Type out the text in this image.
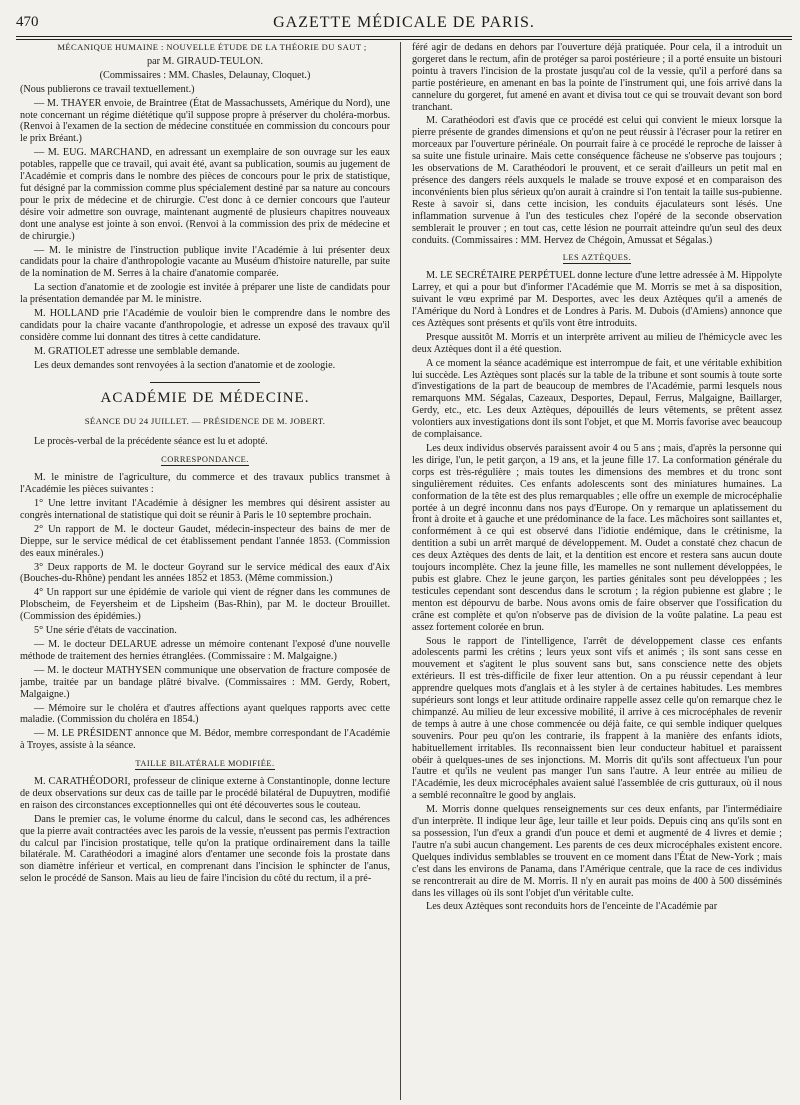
470	GAZETTE MÉDICALE DE PARIS.

MÉCANIQUE HUMAINE : NOUVELLE ÉTUDE DE LA THÉORIE DU SAUT ;

par M. GIRAUD-TEULON.

(Commissaires : MM. Chasles, Delaunay, Cloquet.)

(Nous publierons ce travail textuellement.)

— M. THAYER envoie, de Braintree (État de Massachussets, Amérique du Nord), une note concernant un régime diététique qu'il suppose propre à préserver du choléra-morbus. (Renvoi à l'examen de la section de médecine constituée en commission du concours pour le prix Bréant.)

— M. EUG. MARCHAND, en adressant un exemplaire de son ouvrage sur les eaux potables, rappelle que ce travail, qui avait été, avant sa publication, soumis au jugement de l'Académie et compris dans le nombre des pièces de concours pour le prix de statistique, fut désigné par la commission comme plus spécialement destiné par sa nature au concours pour le prix de médecine et de chirurgie. C'est donc à ce dernier concours que l'auteur désire voir admettre son ouvrage, maintenant augmenté de plusieurs chapitres nouveaux dont une analyse est jointe à son envoi. (Renvoi à la commission des prix de médecine et de chirurgie.)

— M. le ministre de l'instruction publique invite l'Académie à lui présenter deux candidats pour la chaire d'anthropologie vacante au Muséum d'histoire naturelle, par suite de la nomination de M. Serres à la chaire d'anatomie comparée.

La section d'anatomie et de zoologie est invitée à préparer une liste de candidats pour la présentation demandée par M. le ministre.

M. HOLLAND prie l'Académie de vouloir bien le comprendre dans le nombre des candidats pour la chaire vacante d'anthropologie, et adresse un exposé des travaux qu'il considère comme lui donnant des titres à cette candidature.

M. GRATIOLET adresse une semblable demande.

Les deux demandes sont renvoyées à la section d'anatomie et de zoologie.

ACADÉMIE DE MÉDECINE.
SÉANCE DU 24 JUILLET. — PRÉSIDENCE DE M. JOBERT.

Le procès-verbal de la précédente séance est lu et adopté.

CORRESPONDANCE.

M. le ministre de l'agriculture, du commerce et des travaux publics transmet à l'Académie les pièces suivantes :

1° Une lettre invitant l'Académie à désigner les membres qui désirent assister au congrès international de statistique qui doit se réunir à Paris le 10 septembre prochain.

2° Un rapport de M. le docteur Gaudet, médecin-inspecteur des bains de mer de Dieppe, sur le service médical de cet établissement pendant l'année 1853. (Commission des eaux minérales.)

3° Deux rapports de M. le docteur Goyrand sur le service médical des eaux d'Aix (Bouches-du-Rhône) pendant les années 1852 et 1853. (Même commission.)

4° Un rapport sur une épidémie de variole qui vient de régner dans les communes de Plobscheim, de Feyersheim et de Lipsheim (Bas-Rhin), par M. le docteur Brouillet. (Commission des épidémies.)

5° Une série d'états de vaccination.

— M. le docteur DELARUE adresse un mémoire contenant l'exposé d'une nouvelle méthode de traitement des hernies étranglées. (Commissaire : M. Malgaigne.)

— M. le docteur MATHYSEN communique une observation de fracture composée de jambe, traitée par un bandage plâtré bivalve. (Commissaires : MM. Gerdy, Robert, Malgaigne.)

— Mémoire sur le choléra et d'autres affections ayant quelques rapports avec cette maladie. (Commission du choléra en 1854.)

— M. LE PRÉSIDENT annonce que M. Bédor, membre correspondant de l'Académie à Troyes, assiste à la séance.

TAILLE BILATÉRALE MODIFIÉE.

M. CARATHÉODORI, professeur de clinique externe à Constantinople, donne lecture de deux observations sur deux cas de taille par le procédé bilatéral de Dupuytren, modifié en raison des circonstances exceptionnelles qui ont été découvertes sous le couteau.

Dans le premier cas, le volume énorme du calcul, dans le second cas, les adhérences que la pierre avait contractées avec les parois de la vessie, n'eussent pas permis l'extraction du calcul par l'incision prostatique, telle qu'on la pratique ordinairement dans la taille bilatérale. M. Carathéodori a imaginé alors d'entamer une seconde fois la prostate dans son diamètre inférieur et vertical, en comprenant dans l'incision le sphincter de l'anus, selon le procédé de Sanson. Mais au lieu de faire l'incision du côté du rectum, il a pré-

féré agir de dedans en dehors par l'ouverture déjà pratiquée. Pour cela, il a introduit un gorgeret dans le rectum, afin de protéger sa paroi postérieure ; il a porté ensuite un bistouri pointu à travers l'incision de la prostate jusqu'au col de la vessie, qu'il a perforé dans sa partie postérieure, en amenant en bas la pointe de l'instrument qui, une fois arrivé dans la cannelure du gorgeret, fut amené en avant et divisa tout ce qui se trouvait devant son bord tranchant.

M. Carathéodori est d'avis que ce procédé est celui qui convient le mieux lorsque la pierre présente de grandes dimensions et qu'on ne peut réussir à l'écraser pour la retirer en morceaux par l'ouverture périnéale. On pourrait faire à ce procédé le reproche de laisser à sa suite une fistule urinaire. Mais cette conséquence fâcheuse ne s'observe pas toujours ; les observations de M. Carathéodori le prouvent, et ce serait d'ailleurs un petit mal en présence des dangers réels auxquels le malade se trouve exposé et en comparaison des inconvénients bien plus sérieux qu'on aurait à craindre si l'on tentait la taille sus-pubienne. Reste à savoir si, dans cette incision, les conduits éjaculateurs sont lésés. Une inflammation survenue à l'un des testicules chez l'opéré de la seconde observation semblerait le prouver ; en tout cas, cette lésion ne pourrait atteindre qu'un seul des deux conduits. (Commissaires : MM. Hervez de Chégoin, Amussat et Ségalas.)

LES AZTÈQUES.

M. LE SECRÉTAIRE PERPÉTUEL donne lecture d'une lettre adressée à M. Hippolyte Larrey, et qui a pour but d'informer l'Académie que M. Morris se met à sa disposition, suivant le vœu exprimé par M. Desportes, avec les deux Aztèques qu'il a amenés de l'Amérique du Nord à Londres et de Londres à Paris. M. Dubois (d'Amiens) annonce que ces Aztèques sont présents et qu'ils vont être introduits.

Presque aussitôt M. Morris et un interprète arrivent au milieu de l'hémicycle avec les deux Aztèques dont il a été question.

A ce moment la séance académique est interrompue de fait, et une véritable exhibition lui succède. Les Aztèques sont placés sur la table de la tribune et sont soumis à toute sorte d'investigations de la part de beaucoup de membres de l'Académie, parmi lesquels nous remarquons MM. Ségalas, Cazeaux, Desportes, Depaul, Ferrus, Malgaigne, Baillarger, Gerdy, etc., etc. Les deux Aztèques, dépouillés de leurs vêtements, se prêtent assez volontiers aux investigations dont ils sont l'objet, et que M. Morris favorise avec beaucoup de complaisance.

Les deux individus observés paraissent avoir 4 ou 5 ans ; mais, d'après la personne qui les dirige, l'un, le petit garçon, a 19 ans, et la jeune fille 17. La conformation générale du corps est très-régulière ; mais toutes les dimensions des membres et du tronc sont singulièrement réduites. Ces enfants adolescents sont des miniatures humaines. La conformation de la tête est des plus remarquables ; elle offre un exemple de microcéphalie portée à un degré inconnu dans nos pays d'Europe. On y remarque un aplatissement du front à droite et à gauche et une prédominance de la face. Les mâchoires sont saillantes et, conformément à ce qui est observé dans l'idiotie endémique, dans le crétinisme, la dentition a subi un arrêt marqué de développement. M. Oudet a constaté chez chacun de ces deux Aztèques des dents de lait, et la dentition est encore et restera sans aucun doute toujours incomplète. Chez la jeune fille, les mamelles ne sont nullement développées, le pubis est glabre. Chez le jeune garçon, les parties génitales sont peu développées ; les testicules cependant sont descendus dans le scrotum ; la région pubienne est glabre ; le menton est dépourvu de barbe. Nous avons omis de faire observer que l'ossification du crâne est complète et qu'on n'observe pas de division de la voûte palatine. La peau est assez fortement colorée en brun.

Sous le rapport de l'intelligence, l'arrêt de développement classe ces enfants adolescents parmi les crétins ; leurs yeux sont vifs et animés ; ils sont sans cesse en mouvement et s'agitent le plus souvent sans but, sans conscience nette des objets extérieurs. Il est très-difficile de fixer leur attention. On a pu réussir cependant à leur apprendre quelques mots d'anglais et à les styler à de certaines habitudes. Les membres supérieurs sont longs et leur attitude ordinaire rappelle assez celle qu'on remarque chez le chimpanzé. Au milieu de leur excessive mobilité, il arrive à ces microcéphales de revenir de temps à autre à une chose commencée ou déjà faite, ce qui semble indiquer quelques souvenirs. Pour peu qu'on les contrarie, ils frappent à la manière des enfants idiots, habituellement irritables. Ils reconnaissent bien leur conducteur habituel et paraissent obéir à quelques-unes de ses injonctions. M. Morris dit qu'ils sont affectueux l'un pour l'autre et qu'ils ne veulent pas manger l'un sans l'autre. A leur entrée au milieu de l'Académie, les deux microcéphales avaient salué l'assemblée de cris gutturaux, où il nous a semblé reconnaître le good by anglais.

M. Morris donne quelques renseignements sur ces deux enfants, par l'intermédiaire d'un interprète. Il indique leur âge, leur taille et leur poids. Depuis cinq ans qu'ils sont en sa possession, l'un d'eux a grandi d'un pouce et demi et augmenté de 4 livres et demie ; l'autre n'a subi aucun changement. Les parents de ces deux microcéphales existent encore. Quelques individus semblables se trouvent en ce moment dans l'État de New-York ; mais c'est dans les environs de Panama, dans l'Amérique centrale, que la race de ces individus se rencontrerait au dire de M. Morris. Il n'y en aurait pas moins de 400 à 500 disséminés dans les villages où ils sont l'objet d'un véritable culte.

Les deux Aztèques sont reconduits hors de l'enceinte de l'Académie par
